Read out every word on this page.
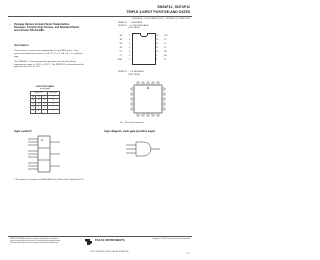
SN54F11, SN74F11
TRIPLE 3-INPUT POSITIVE-AND GATES
SDFS033A – D2932, MARCH 1987 – REVISED OCTOBER 1993
• Package Options Include Plastic Small-Outline Packages, Ceramic Chip Carriers, and Standard Plastic and Ceramic 300-mil DIPs
description
These devices contain three independent 3-input AND gates. They perform the Boolean functions Y = A • B • C or Y = A + B + C in positive logic.
The SN54F11 is characterized for operation over the full military temperature range of –55°C to 125°C. The SN74F11 is characterized for operation from 0°C to 70°C.
FUNCTION TABLE
(each gate)
INPUTS			OUTPUT
A	B	C	Y
H	H	H	H
L	X	X	L
X	L	X	L
X	X	L	L
SN54F11 . . . J PACKAGE
SN74F11 . . . D OR N PACKAGE
(TOP VIEW)
1A	1
1B	2
2A	3
2B	4
2C	5
2Y	6
GND	7
14	VCC
13	1C
12	1Y
11	3C
10	3B
9	3A
8	3Y
SN54F11 . . . FK PACKAGE
(TOP VIEW)
NC – No internal connection
logic symbol†
&
logic diagram, each gate (positive logic)
† This symbol is in accordance with ANSI/IEEE Std 91-1984 and IEC Publication 617-12.
PRODUCTION DATA information is current as of publication date. Products conform to specifications per the terms of Texas Instruments standard warranty. Production processing does not necessarily include testing of all parameters.
TEXAS INSTRUMENTS	Copyright © 1993, Texas Instruments Incorporated
POST OFFICE BOX 655303 • DALLAS, TEXAS 75265
2–1
